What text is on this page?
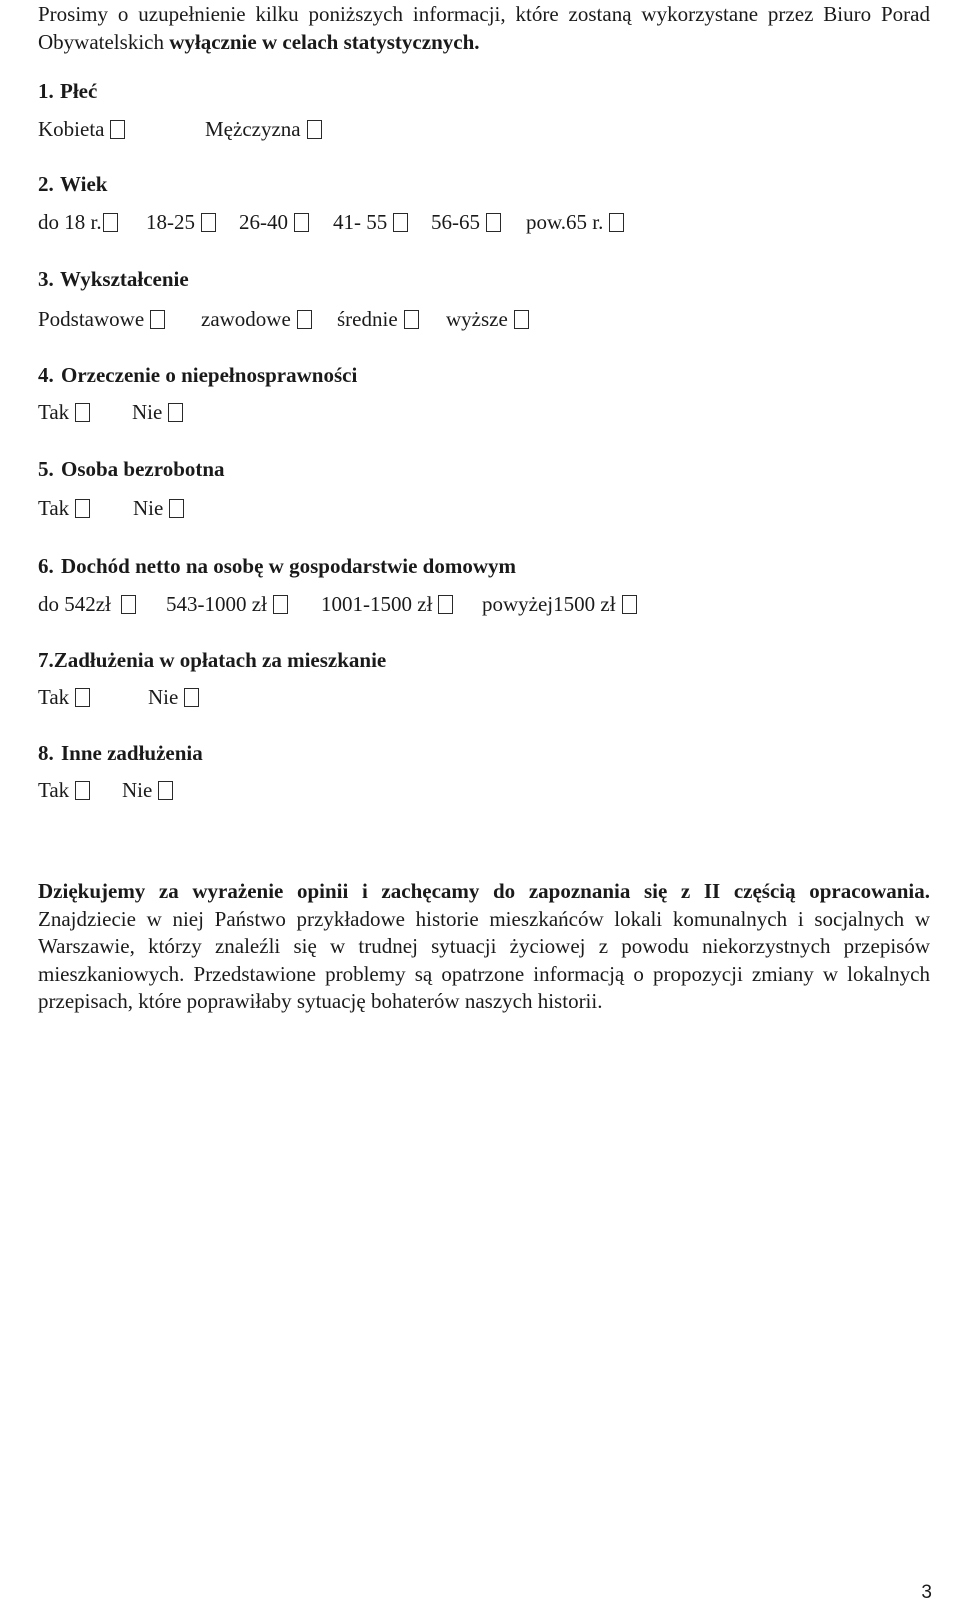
Prosimy o uzupełnienie kilku poniższych informacji, które zostaną wykorzystane przez Biuro Porad Obywatelskich wyłącznie w celach statystycznych.
1. Płeć
Kobieta	Mężczyzna
2. Wiek
do 18 r.	18-25	26-40	41- 55	56-65	pow.65 r.
3. Wykształcenie
Podstawowe	zawodowe	średnie	wyższe
4. Orzeczenie o niepełnosprawności
Tak	Nie
5. Osoba bezrobotna
Tak	Nie
6. Dochód netto na osobę w gospodarstwie domowym
do 542zł	543-1000 zł	1001-1500 zł	powyżej1500 zł
7.Zadłużenia w opłatach za mieszkanie
Tak	Nie
8. Inne zadłużenia
Tak	Nie
Dziękujemy za wyrażenie opinii i zachęcamy do zapoznania się z II częścią opracowania. Znajdziecie w niej Państwo przykładowe historie mieszkańców lokali komunalnych i socjalnych w Warszawie, którzy znaleźli się w trudnej sytuacji życiowej z powodu niekorzystnych przepisów mieszkaniowych. Przedstawione problemy są opatrzone informacją o propozycji zmiany w lokalnych przepisach, które poprawiłaby sytuację bohaterów naszych historii.
3
